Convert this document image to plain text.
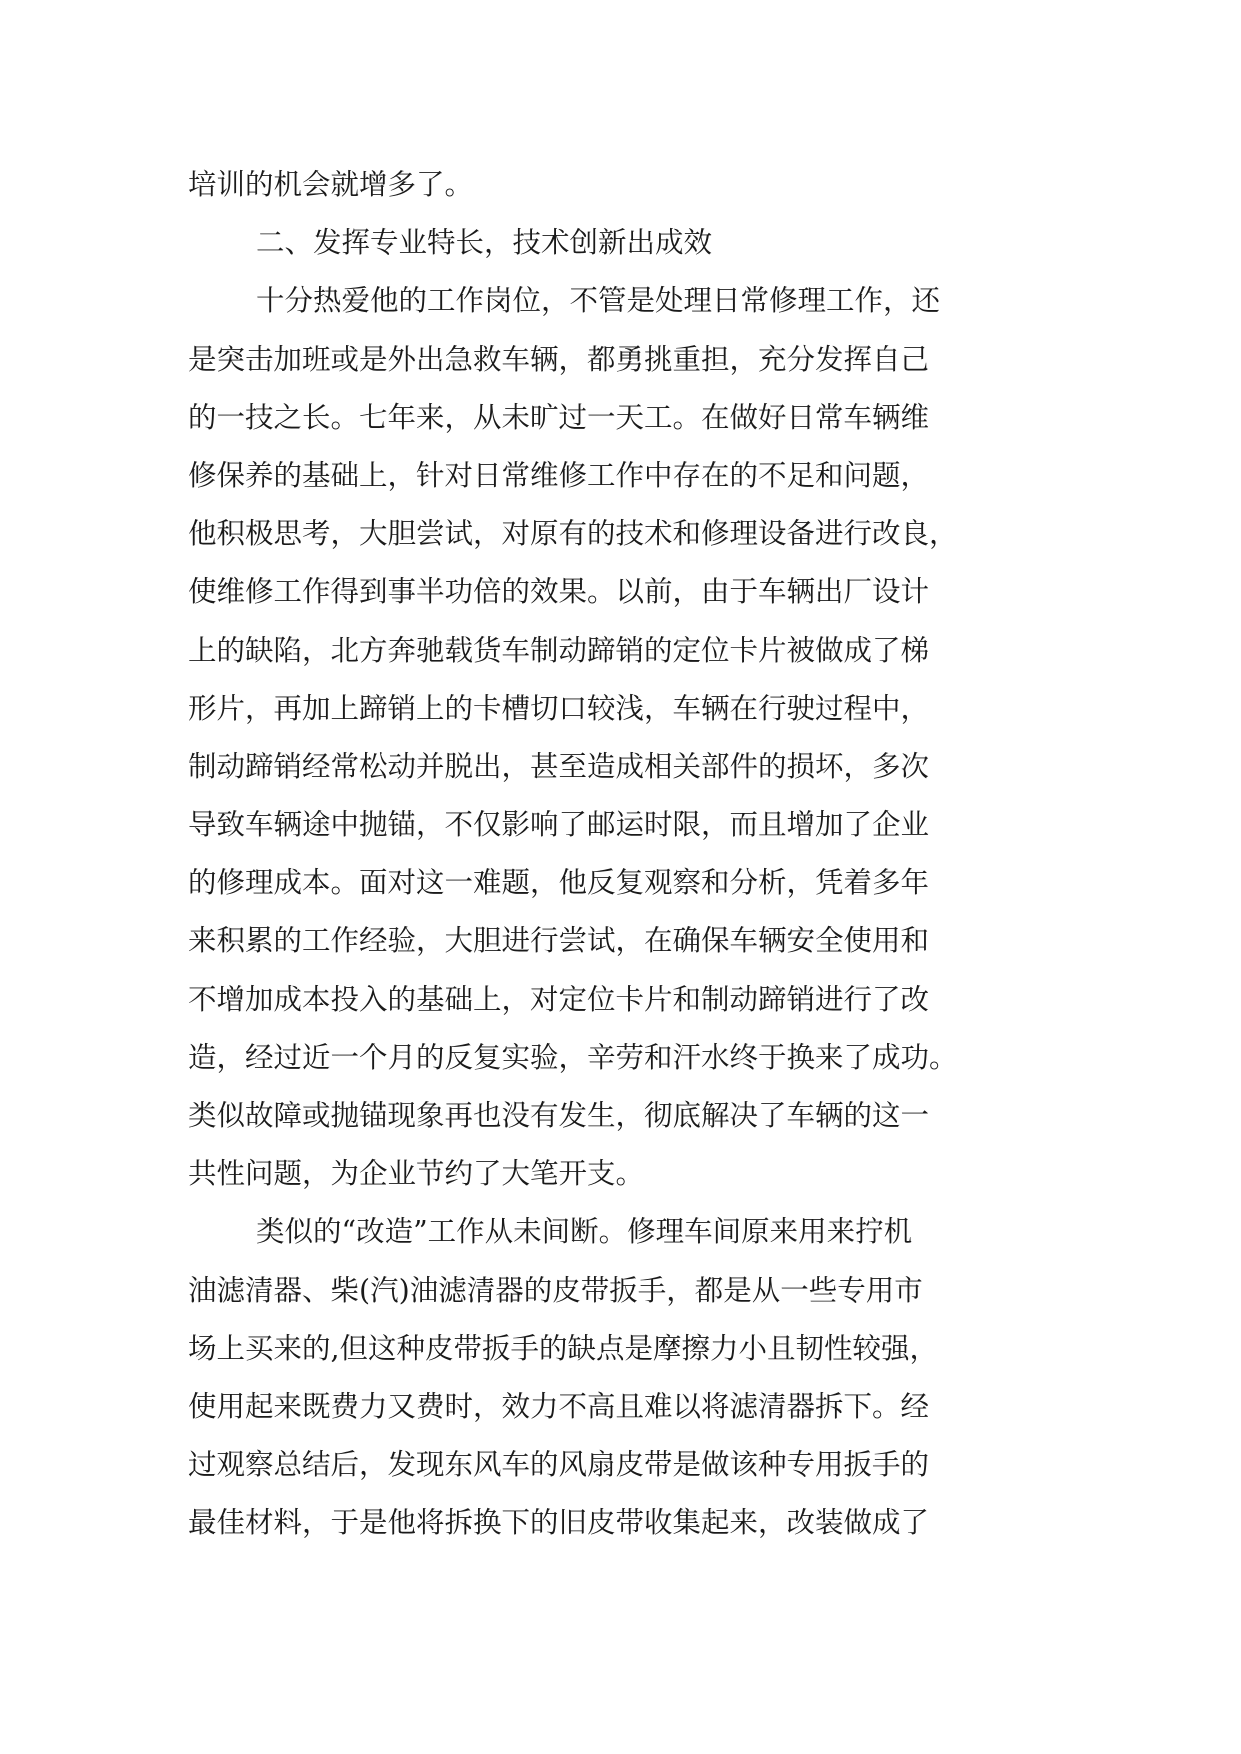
培训的机会就增多了。
二、发挥专业特长，技术创新出成效
十分热爱他的工作岗位，不管是处理日常修理工作，还
是突击加班或是外出急救车辆，都勇挑重担，充分发挥自己
的一技之长。七年来，从未旷过一天工。在做好日常车辆维
修保养的基础上，针对日常维修工作中存在的不足和问题，
他积极思考，大胆尝试，对原有的技术和修理设备进行改良，
使维修工作得到事半功倍的效果。以前，由于车辆出厂设计
上的缺陷，北方奔驰载货车制动蹄销的定位卡片被做成了梯
形片，再加上蹄销上的卡槽切口较浅，车辆在行驶过程中，
制动蹄销经常松动并脱出，甚至造成相关部件的损坏，多次
导致车辆途中抛锚，不仅影响了邮运时限，而且增加了企业
的修理成本。面对这一难题，他反复观察和分析，凭着多年
来积累的工作经验，大胆进行尝试，在确保车辆安全使用和
不增加成本投入的基础上，对定位卡片和制动蹄销进行了改
造，经过近一个月的反复实验，辛劳和汗水终于换来了成功。
类似故障或抛锚现象再也没有发生，彻底解决了车辆的这一
共性问题，为企业节约了大笔开支。
类似的“改造”工作从未间断。修理车间原来用来拧机
油滤清器、柴(汽)油滤清器的皮带扳手，都是从一些专用市
场上买来的,但这种皮带扳手的缺点是摩擦力小且韧性较强，
使用起来既费力又费时，效力不高且难以将滤清器拆下。经
过观察总结后，发现东风车的风扇皮带是做该种专用扳手的
最佳材料，于是他将拆换下的旧皮带收集起来，改装做成了
